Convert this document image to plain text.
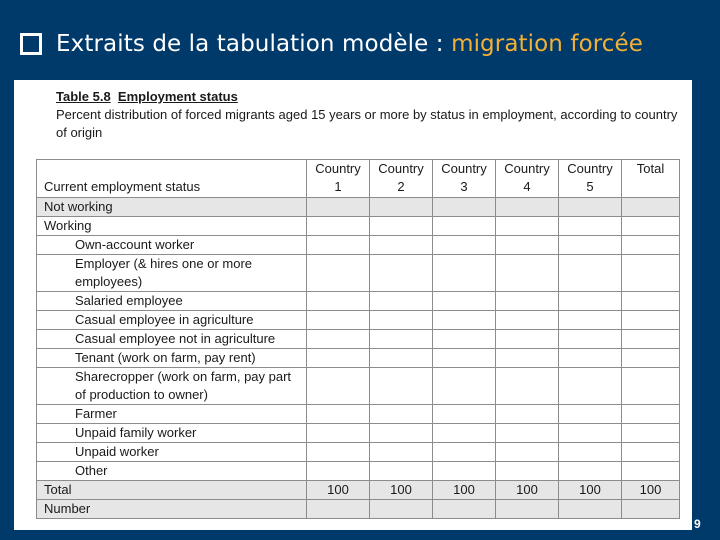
Extraits de la tabulation modèle : migration forcée
Table 5.8 Employment status
Percent distribution of forced migrants aged 15 years or more by status in employment, according to country of origin
Current employment status	Country 1	Country 2	Country 3	Country 4	Country 5	Total
Not working						
Working						
Own-account worker						
Employer (& hires one or more employees)						
Salaried employee						
Casual employee in agriculture						
Casual employee not in agriculture						
Tenant (work on farm, pay rent)						
Sharecropper (work on farm, pay part of production to owner)						
Farmer						
Unpaid family worker						
Unpaid worker						
Other						
Total	100	100	100	100	100	100
Number						
9
